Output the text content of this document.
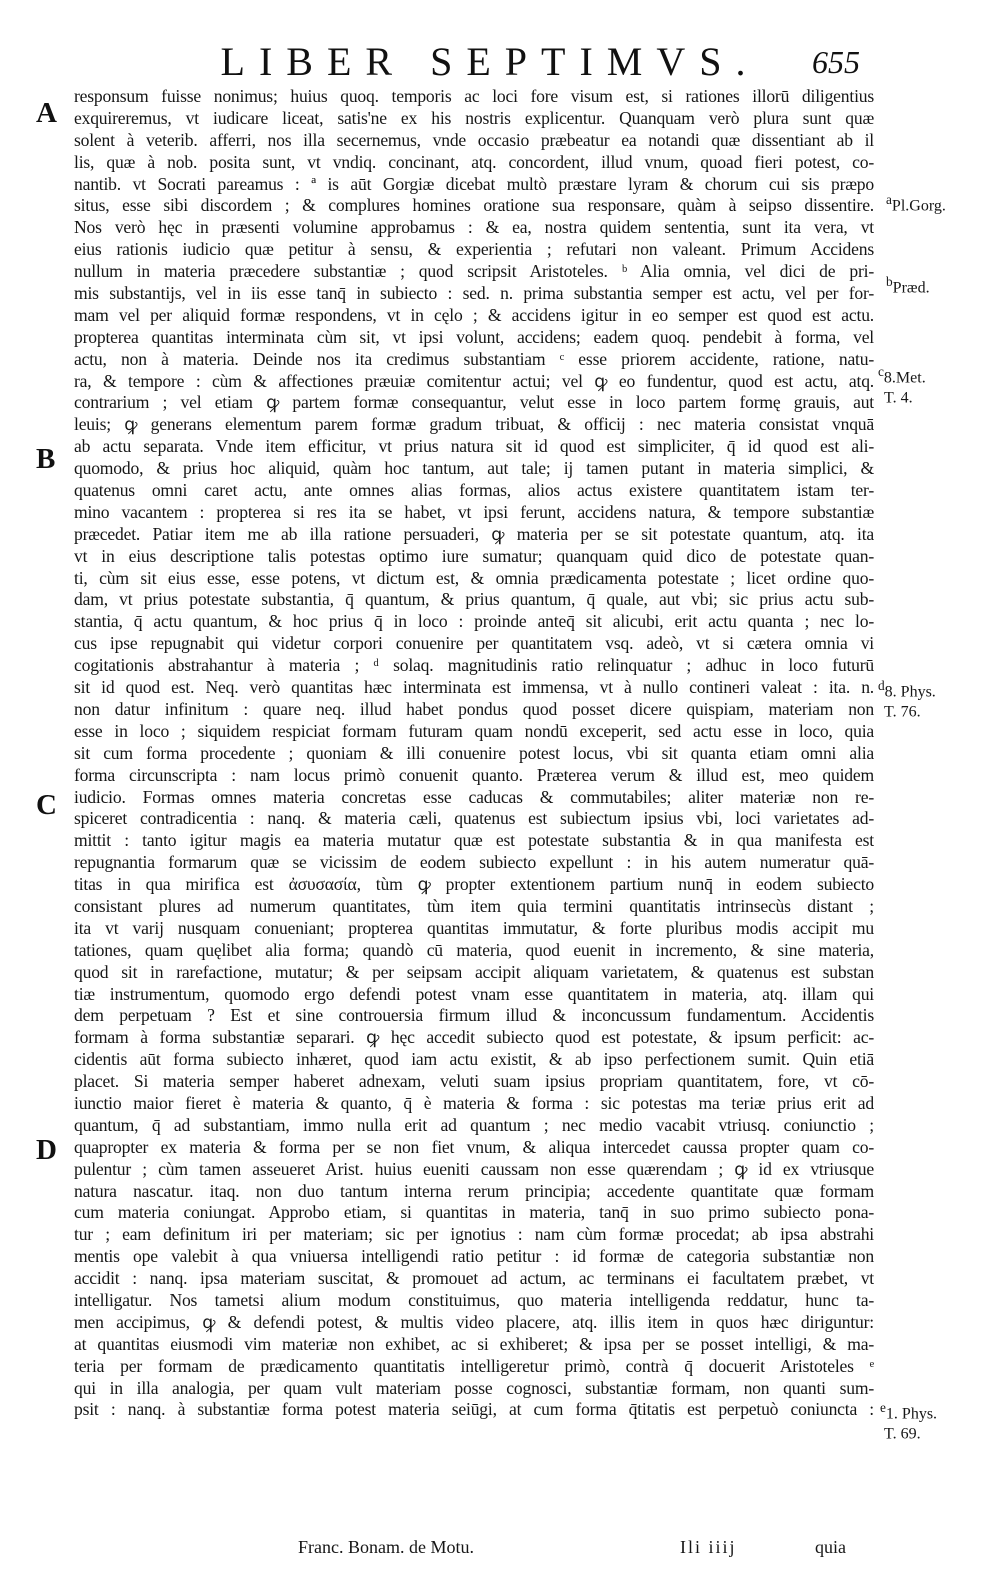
LIBER SEPTIMVS.	655
A
B
C
D
responsum fuisse nonimus; huius quoq. temporis ac loci fore visum est, si rationes illorū diligentius
exquireremus, vt iudicare liceat, satis'ne ex his nostris explicentur. Quanquam verò plura sunt quæ
solent à veterib. afferri, nos illa secernemus, vnde occasio præbeatur ea notandi quæ dissentiant ab il
lis, quæ à nob. posita sunt, vt vndiq. concinant, atq. concordent, illud vnum, quoad fieri potest, co-
nantib. vt Socrati pareamus : ª is aūt Gorgiæ dicebat multò præstare lyram & chorum cui sis præpo
situs, esse sibi discordem ; & complures homines oratione sua responsare, quàm à seipso dissentire.
Nos verò hęc in præsenti volumine approbamus : & ea, nostra quidem sententia, sunt ita vera, vt
eius rationis iudicio quæ petitur à sensu, & experientia ; refutari non valeant. Primum Accidens
nullum in materia præcedere substantiæ ; quod scripsit Aristoteles. ᵇ Alia omnia, vel dici de pri-
mis substantijs, vel in iis esse tanq̄ in subiecto : sed. n. prima substantia semper est actu, vel per for-
mam vel per aliquid formæ respondens, vt in cęlo ; & accidens igitur in eo semper est quod est actu.
propterea quantitas interminata cùm sit, vt ipsi volunt, accidens; eadem quoq. pendebit à forma, vel
actu, non à materia. Deinde nos ita credimus substantiam ᶜ esse priorem accidente, ratione, natu-
ra, & tempore : cùm & affectiones præuiæ comitentur actui; vel ꝙ eo fundentur, quod est actu, atq.
contrarium ; vel etiam ꝙ partem formæ consequantur, velut esse in loco partem formę grauis, aut
leuis; ꝙ generans elementum parem formæ gradum tribuat, & officij : nec materia consistat vnquā
ab actu separata. Vnde item efficitur, vt prius natura sit id quod est simpliciter, q̄ id quod est ali-
quomodo, & prius hoc aliquid, quàm hoc tantum, aut tale; ij tamen putant in materia simplici, &
quatenus omni caret actu, ante omnes alias formas, alios actus existere quantitatem istam ter-
mino vacantem : propterea si res ita se habet, vt ipsi ferunt, accidens natura, & tempore substantiæ
præcedet. Patiar item me ab illa ratione persuaderi, ꝙ materia per se sit potestate quantum, atq. ita
vt in eius descriptione talis potestas optimo iure sumatur; quanquam quid dico de potestate quan-
ti, cùm sit eius esse, esse potens, vt dictum est, & omnia prædicamenta potestate ; licet ordine quo-
dam, vt prius potestate substantia, q̄ quantum, & prius quantum, q̄ quale, aut vbi; sic prius actu sub-
stantia, q̄ actu quantum, & hoc prius q̄ in loco : proinde anteq̄ sit alicubi, erit actu quanta ; nec lo-
cus ipse repugnabit qui videtur corpori conuenire per quantitatem vsq. adeò, vt si cætera omnia vi
cogitationis abstrahantur à materia ; ᵈ solaq. magnitudinis ratio relinquatur ; adhuc in loco futurū
sit id quod est. Neq. verò quantitas hæc interminata est immensa, vt à nullo contineri valeat : ita. n.
non datur infinitum : quare neq. illud habet pondus quod posset dicere quispiam, materiam non
esse in loco ; siquidem respiciat formam futuram quam nondū exceperit, sed actu esse in loco, quia
sit cum forma procedente ; quoniam & illi conuenire potest locus, vbi sit quanta etiam omni alia
forma circunscripta : nam locus primò conuenit quanto. Præterea verum & illud est, meo quidem
iudicio. Formas omnes materia concretas esse caducas & commutabiles; aliter materiæ non re-
spiceret contradicentia : nanq. & materia cæli, quatenus est subiectum ipsius vbi, loci varietates ad-
mittit : tanto igitur magis ea materia mutatur quæ est potestate substantia & in qua manifesta est
repugnantia formarum quæ se vicissim de eodem subiecto expellunt : in his autem numeratur quā-
titas in qua mirifica est ἀσυσασία, tùm ꝙ propter extentionem partium nunq̄ in eodem subiecto
consistant plures ad numerum quantitates, tùm item quia termini quantitatis intrinsecùs distant ;
ita vt varij nusquam conueniant; propterea quantitas immutatur, & forte pluribus modis accipit mu
tationes, quam quęlibet alia forma; quandò cū materia, quod euenit in incremento, & sine materia,
quod sit in rarefactione, mutatur; & per seipsam accipit aliquam varietatem, & quatenus est substan
tiæ instrumentum, quomodo ergo defendi potest vnam esse quantitatem in materia, atq. illam qui
dem perpetuam ? Est et sine controuersia firmum illud & inconcussum fundamentum. Accidentis
formam à forma substantiæ separari. ꝙ hęc accedit subiecto quod est potestate, & ipsum perficit: ac-
cidentis aūt forma subiecto inhæret, quod iam actu existit, & ab ipso perfectionem sumit. Quin etiā
placet. Si materia semper haberet adnexam, veluti suam ipsius propriam quantitatem, fore, vt cō-
iunctio maior fieret è materia & quanto, q̄ è materia & forma : sic potestas ma teriæ prius erit ad
quantum, q̄ ad substantiam, immo nulla erit ad quantum ; nec medio vacabit vtriusq. coniunctio ;
quapropter ex materia & forma per se non fiet vnum, & aliqua intercedet caussa propter quam co-
pulentur ; cùm tamen asseueret Arist. huius eueniti caussam non esse quærendam ; ꝙ id ex vtriusque
natura nascatur. itaq. non duo tantum interna rerum principia; accedente quantitate quæ formam
cum materia coniungat. Approbo etiam, si quantitas in materia, tanq̄ in suo primo subiecto pona-
tur ; eam definitum iri per materiam; sic per ignotius : nam cùm formæ procedat; ab ipsa abstrahi
mentis ope valebit à qua vniuersa intelligendi ratio petitur : id formæ de categoria substantiæ non
accidit : nanq. ipsa materiam suscitat, & promouet ad actum, ac terminans ei facultatem præbet, vt
intelligatur. Nos tametsi alium modum constituimus, quo materia intelligenda reddatur, hunc ta-
men accipimus, ꝙ & defendi potest, & multis video placere, atq. illis item in quos hæc diriguntur:
at quantitas eiusmodi vim materiæ non exhibet, ac si exhiberet; & ipsa per se posset intelligi, & ma-
teria per formam de prædicamento quantitatis intelligeretur primò, contrà q̄ docuerit Aristoteles ᵉ
qui in illa analogia, per quam vult materiam posse cognosci, substantiæ formam, non quanti sum-
psit : nanq. à substantiæ forma potest materia seiūgi, at cum forma q̄titatis est perpetuò coniuncta :
$^a$Pl.Gorg.
$^b$Præd.
$^c$8.Met.
T. 4.
$^d$8. Phys.
T. 76.
$^e$1. Phys.
T. 69.
Franc. Bonam. de Motu.	Ili iiij	quia
